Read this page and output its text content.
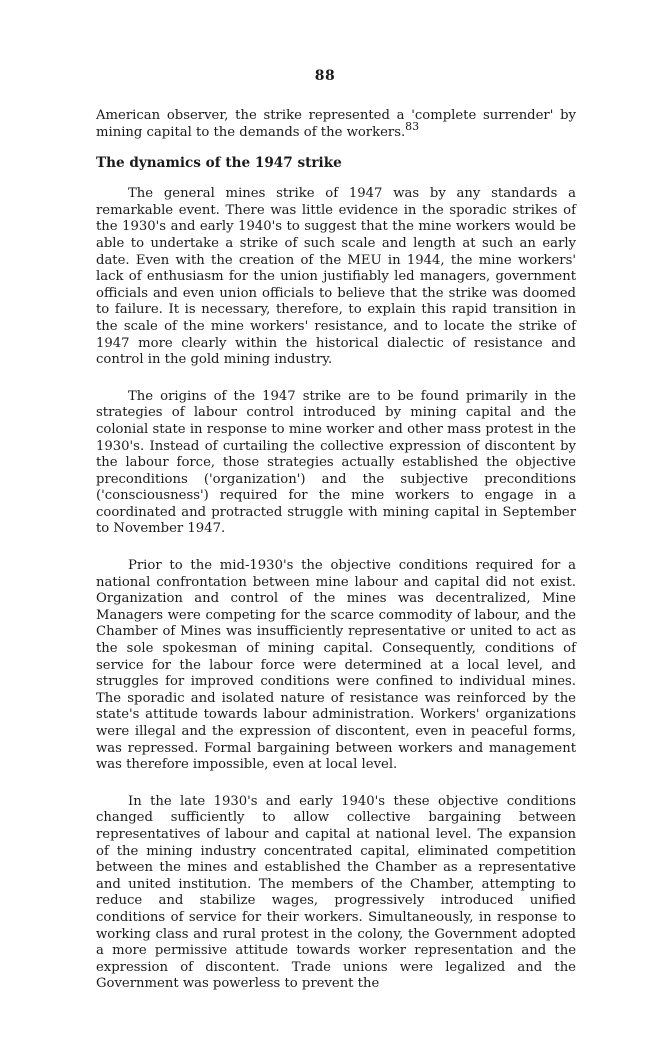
88

American observer, the strike represented a 'complete surrender' by mining capital to the demands of the workers.$^{83}$

The dynamics of the 1947 strike

The general mines strike of 1947 was by any standards a remarkable event. There was little evidence in the sporadic strikes of the 1930's and early 1940's to suggest that the mine workers would be able to undertake a strike of such scale and length at such an early date. Even with the creation of the MEU in 1944, the mine workers' lack of enthusiasm for the union justifiably led managers, government officials and even union officials to believe that the strike was doomed to failure. It is necessary, therefore, to explain this rapid transition in the scale of the mine workers' resistance, and to locate the strike of 1947 more clearly within the historical dialectic of resistance and control in the gold mining industry.

The origins of the 1947 strike are to be found primarily in the strategies of labour control introduced by mining capital and the colonial state in response to mine worker and other mass protest in the 1930's. Instead of curtailing the collective expression of discontent by the labour force, those strategies actually established the objective preconditions ('organization') and the subjective preconditions ('consciousness') required for the mine workers to engage in a coordinated and protracted struggle with mining capital in September to November 1947.

Prior to the mid-1930's the objective conditions required for a national confrontation between mine labour and capital did not exist. Organization and control of the mines was decentralized, Mine Managers were competing for the scarce commodity of labour, and the Chamber of Mines was insufficiently representative or united to act as the sole spokesman of mining capital. Consequently, conditions of service for the labour force were determined at a local level, and struggles for improved conditions were confined to individual mines. The sporadic and isolated nature of resistance was reinforced by the state's attitude towards labour administration. Workers' organizations were illegal and the expression of discontent, even in peaceful forms, was repressed. Formal bargaining between workers and management was therefore impossible, even at local level.

In the late 1930's and early 1940's these objective conditions changed sufficiently to allow collective bargaining between representatives of labour and capital at national level. The expansion of the mining industry concentrated capital, eliminated competition between the mines and established the Chamber as a representative and united institution. The members of the Chamber, attempting to reduce and stabilize wages, progressively introduced unified conditions of service for their workers. Simultaneously, in response to working class and rural protest in the colony, the Government adopted a more permissive attitude towards worker representation and the expression of discontent. Trade unions were legalized and the Government was powerless to prevent the
